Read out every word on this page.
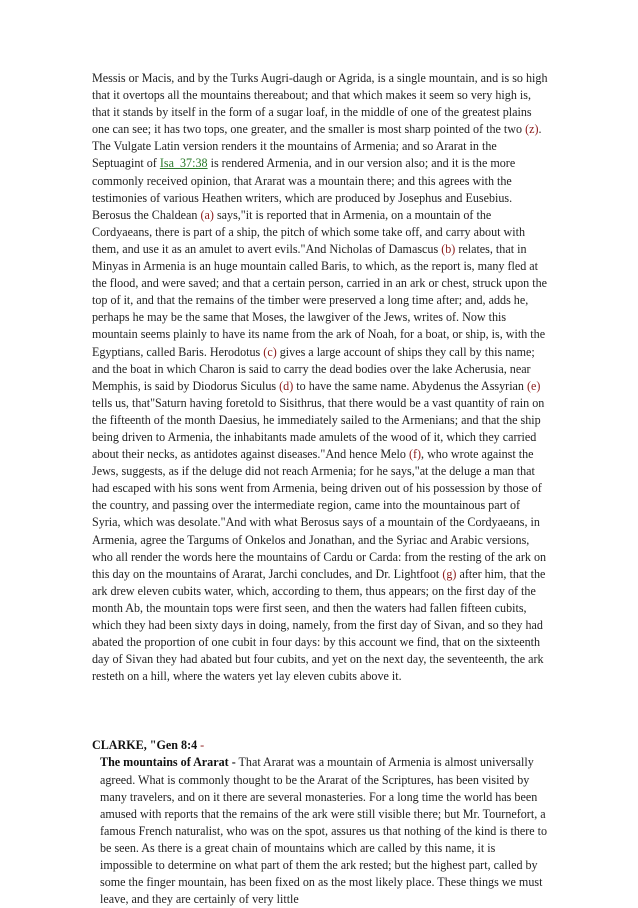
Messis or Macis, and by the Turks Augri-daugh or Agrida, is a single mountain, and is so high that it overtops all the mountains thereabout; and that which makes it seem so very high is, that it stands by itself in the form of a sugar loaf, in the middle of one of the greatest plains one can see; it has two tops, one greater, and the smaller is most sharp pointed of the two (z). The Vulgate Latin version renders it the mountains of Armenia; and so Ararat in the Septuagint of Isa_37:38 is rendered Armenia, and in our version also; and it is the more commonly received opinion, that Ararat was a mountain there; and this agrees with the testimonies of various Heathen writers, which are produced by Josephus and Eusebius. Berosus the Chaldean (a) says,"it is reported that in Armenia, on a mountain of the Cordyaeans, there is part of a ship, the pitch of which some take off, and carry about with them, and use it as an amulet to avert evils."And Nicholas of Damascus (b) relates, that in Minyas in Armenia is an huge mountain called Baris, to which, as the report is, many fled at the flood, and were saved; and that a certain person, carried in an ark or chest, struck upon the top of it, and that the remains of the timber were preserved a long time after; and, adds he, perhaps he may be the same that Moses, the lawgiver of the Jews, writes of. Now this mountain seems plainly to have its name from the ark of Noah, for a boat, or ship, is, with the Egyptians, called Baris. Herodotus (c) gives a large account of ships they call by this name; and the boat in which Charon is said to carry the dead bodies over the lake Acherusia, near Memphis, is said by Diodorus Siculus (d) to have the same name. Abydenus the Assyrian (e) tells us, that"Saturn having foretold to Sisithrus, that there would be a vast quantity of rain on the fifteenth of the month Daesius, he immediately sailed to the Armenians; and that the ship being driven to Armenia, the inhabitants made amulets of the wood of it, which they carried about their necks, as antidotes against diseases."And hence Melo (f), who wrote against the Jews, suggests, as if the deluge did not reach Armenia; for he says,"at the deluge a man that had escaped with his sons went from Armenia, being driven out of his possession by those of the country, and passing over the intermediate region, came into the mountainous part of Syria, which was desolate."And with what Berosus says of a mountain of the Cordyaeans, in Armenia, agree the Targums of Onkelos and Jonathan, and the Syriac and Arabic versions, who all render the words here the mountains of Cardu or Carda: from the resting of the ark on this day on the mountains of Ararat, Jarchi concludes, and Dr. Lightfoot (g) after him, that the ark drew eleven cubits water, which, according to them, thus appears; on the first day of the month Ab, the mountain tops were first seen, and then the waters had fallen fifteen cubits, which they had been sixty days in doing, namely, from the first day of Sivan, and so they had abated the proportion of one cubit in four days: by this account we find, that on the sixteenth day of Sivan they had abated but four cubits, and yet on the next day, the seventeenth, the ark resteth on a hill, where the waters yet lay eleven cubits above it.

CLARKE, "Gen 8:4 -

The mountains of Ararat - That Ararat was a mountain of Armenia is almost universally agreed. What is commonly thought to be the Ararat of the Scriptures, has been visited by many travelers, and on it there are several monasteries. For a long time the world has been amused with reports that the remains of the ark were still visible there; but Mr. Tournefort, a famous French naturalist, who was on the spot, assures us that nothing of the kind is there to be seen. As there is a great chain of mountains which are called by this name, it is impossible to determine on what part of them the ark rested; but the highest part, called by some the finger mountain, has been fixed on as the most likely place. These things we must leave, and they are certainly of very little
